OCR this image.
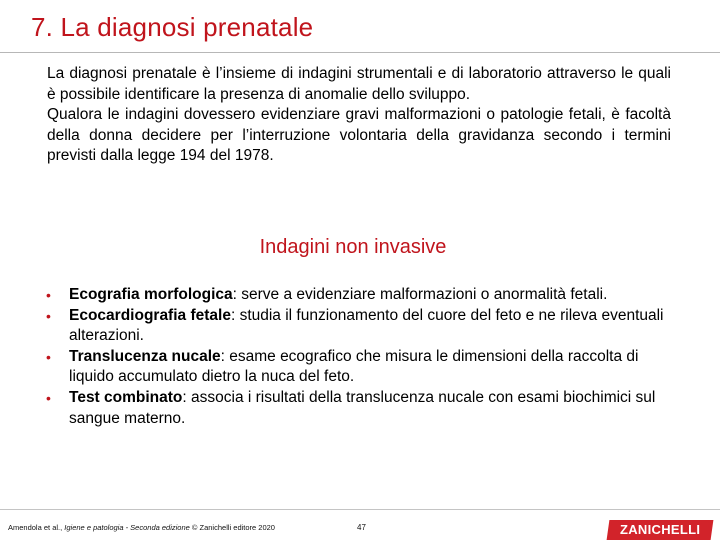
7. La diagnosi prenatale

La diagnosi prenatale è l’insieme di indagini strumentali e di laboratorio attraverso le quali è possibile identificare la presenza di anomalie dello sviluppo.

Qualora le indagini dovessero evidenziare gravi malformazioni o patologie fetali, è facoltà della donna decidere per l’interruzione volontaria della gravidanza secondo i termini previsti dalla legge 194 del 1978.

Indagini non invasive
• Ecografia morfologica: serve a evidenziare malformazioni o anormalità fetali.
• Ecocardiografia fetale: studia il funzionamento del cuore del feto e ne rileva eventuali alterazioni.
• Translucenza nucale: esame ecografico che misura le dimensioni della raccolta di liquido accumulato dietro la nuca del feto.
• Test combinato: associa i risultati della translucenza nucale con esami biochimici sul sangue materno.
Amendola et al., Igiene e patologia - Seconda edizione © Zanichelli editore 2020	47	ZANICHELLI
